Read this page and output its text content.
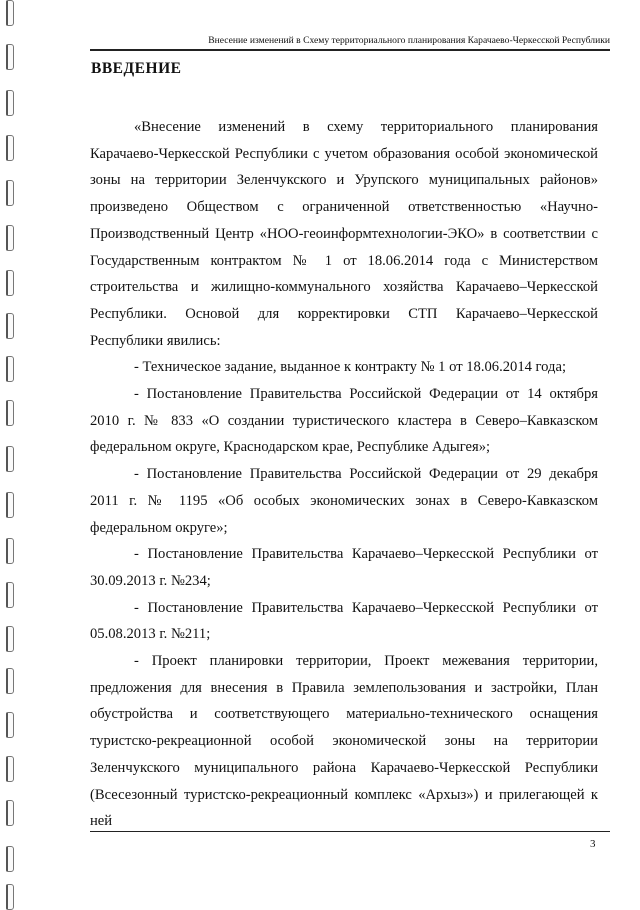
Внесение изменений в Схему территориального планирования Карачаево-Черкесской Республики
ВВЕДЕНИЕ

«Внесение изменений в схему территориального планирования Карачаево-Черкесской Республики с учетом образования особой экономической зоны на территории Зеленчукского и Урупского муниципальных районов» произведено Обществом с ограниченной ответственностью «Научно-Производственный Центр «НОО-геоинформтехнологии-ЭКО» в соответствии с Государственным контрактом № 1 от 18.06.2014 года с Министерством строительства и жилищно-коммунального хозяйства Карачаево–Черкесской Республики. Основой для корректировки СТП Карачаево–Черкесской Республики явились:

- Техническое задание, выданное к контракту № 1 от 18.06.2014 года;

- Постановление Правительства Российской Федерации от 14 октября 2010 г. № 833 «О создании туристического кластера в Северо–Кавказском федеральном округе, Краснодарском крае, Республике Адыгея»;

- Постановление Правительства Российской Федерации от 29 декабря 2011 г. № 1195 «Об особых экономических зонах в Северо-Кавказском федеральном округе»;

- Постановление Правительства Карачаево–Черкесской Республики от 30.09.2013 г. №234;

- Постановление Правительства Карачаево–Черкесской Республики от 05.08.2013 г. №211;

- Проект планировки территории, Проект межевания территории, предложения для внесения в Правила землепользования и застройки, План обустройства и соответствующего материально-технического оснащения туристско-рекреационной особой экономической зоны на территории Зеленчукского муниципального района Карачаево-Черкесской Республики (Всесезонный туристско-рекреационный комплекс «Архыз») и прилегающей к ней

3
